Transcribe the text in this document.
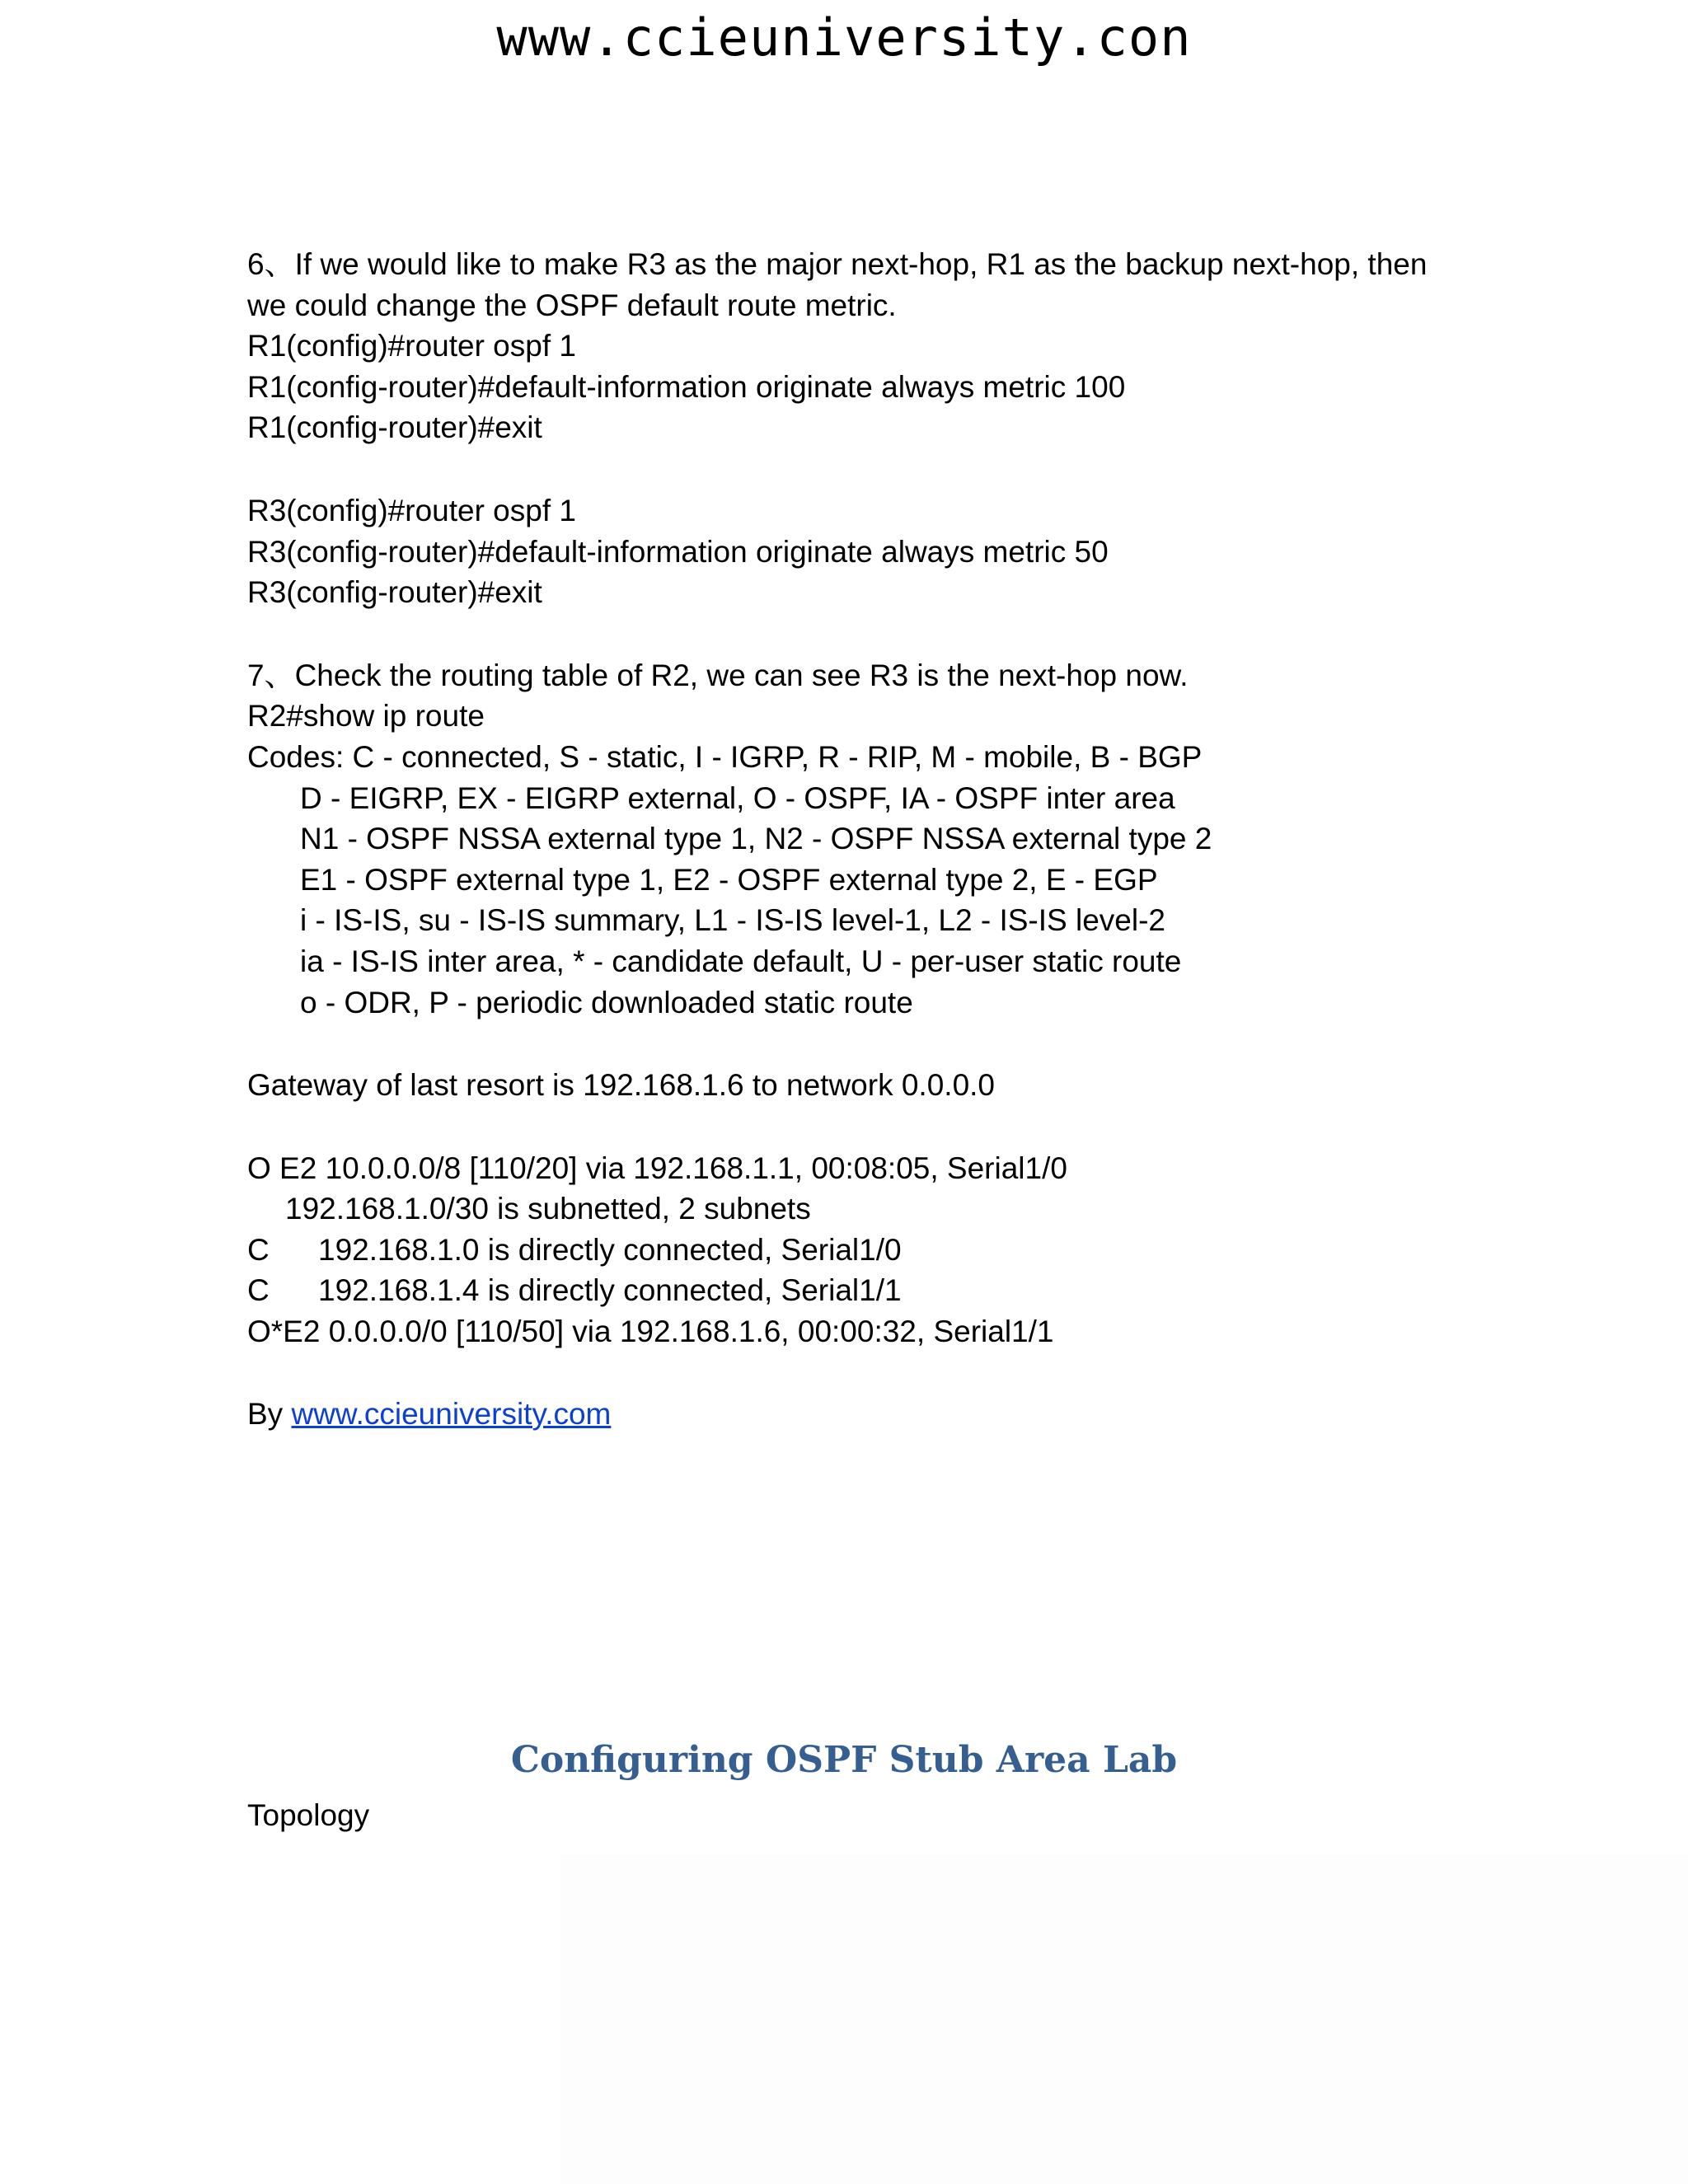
www.ccieuniversity.con

6、If we would like to make R3 as the major next-hop, R1 as the backup next-hop, then we could change the OSPF default route metric.

R1(config)#router ospf 1

R1(config-router)#default-information originate always metric 100

R1(config-router)#exit

R3(config)#router ospf 1

R3(config-router)#default-information originate always metric 50

R3(config-router)#exit

7、Check the routing table of R2, we can see R3 is the next-hop now.

R2#show ip route

Codes: C - connected, S - static, I - IGRP, R - RIP, M - mobile, B - BGP

D - EIGRP, EX - EIGRP external, O - OSPF, IA - OSPF inter area

N1 - OSPF NSSA external type 1, N2 - OSPF NSSA external type 2

E1 - OSPF external type 1, E2 - OSPF external type 2, E - EGP

i - IS-IS, su - IS-IS summary, L1 - IS-IS level-1, L2 - IS-IS level-2

ia - IS-IS inter area, * - candidate default, U - per-user static route

o - ODR, P - periodic downloaded static route

Gateway of last resort is 192.168.1.6 to network 0.0.0.0

O E2 10.0.0.0/8 [110/20] via 192.168.1.1, 00:08:05, Serial1/0

192.168.1.0/30 is subnetted, 2 subnets

C 192.168.1.0 is directly connected, Serial1/0

C 192.168.1.4 is directly connected, Serial1/1

O*E2 0.0.0.0/0 [110/50] via 192.168.1.6, 00:00:32, Serial1/1

By www.ccieuniversity.com

Configuring OSPF Stub Area Lab
Topology
